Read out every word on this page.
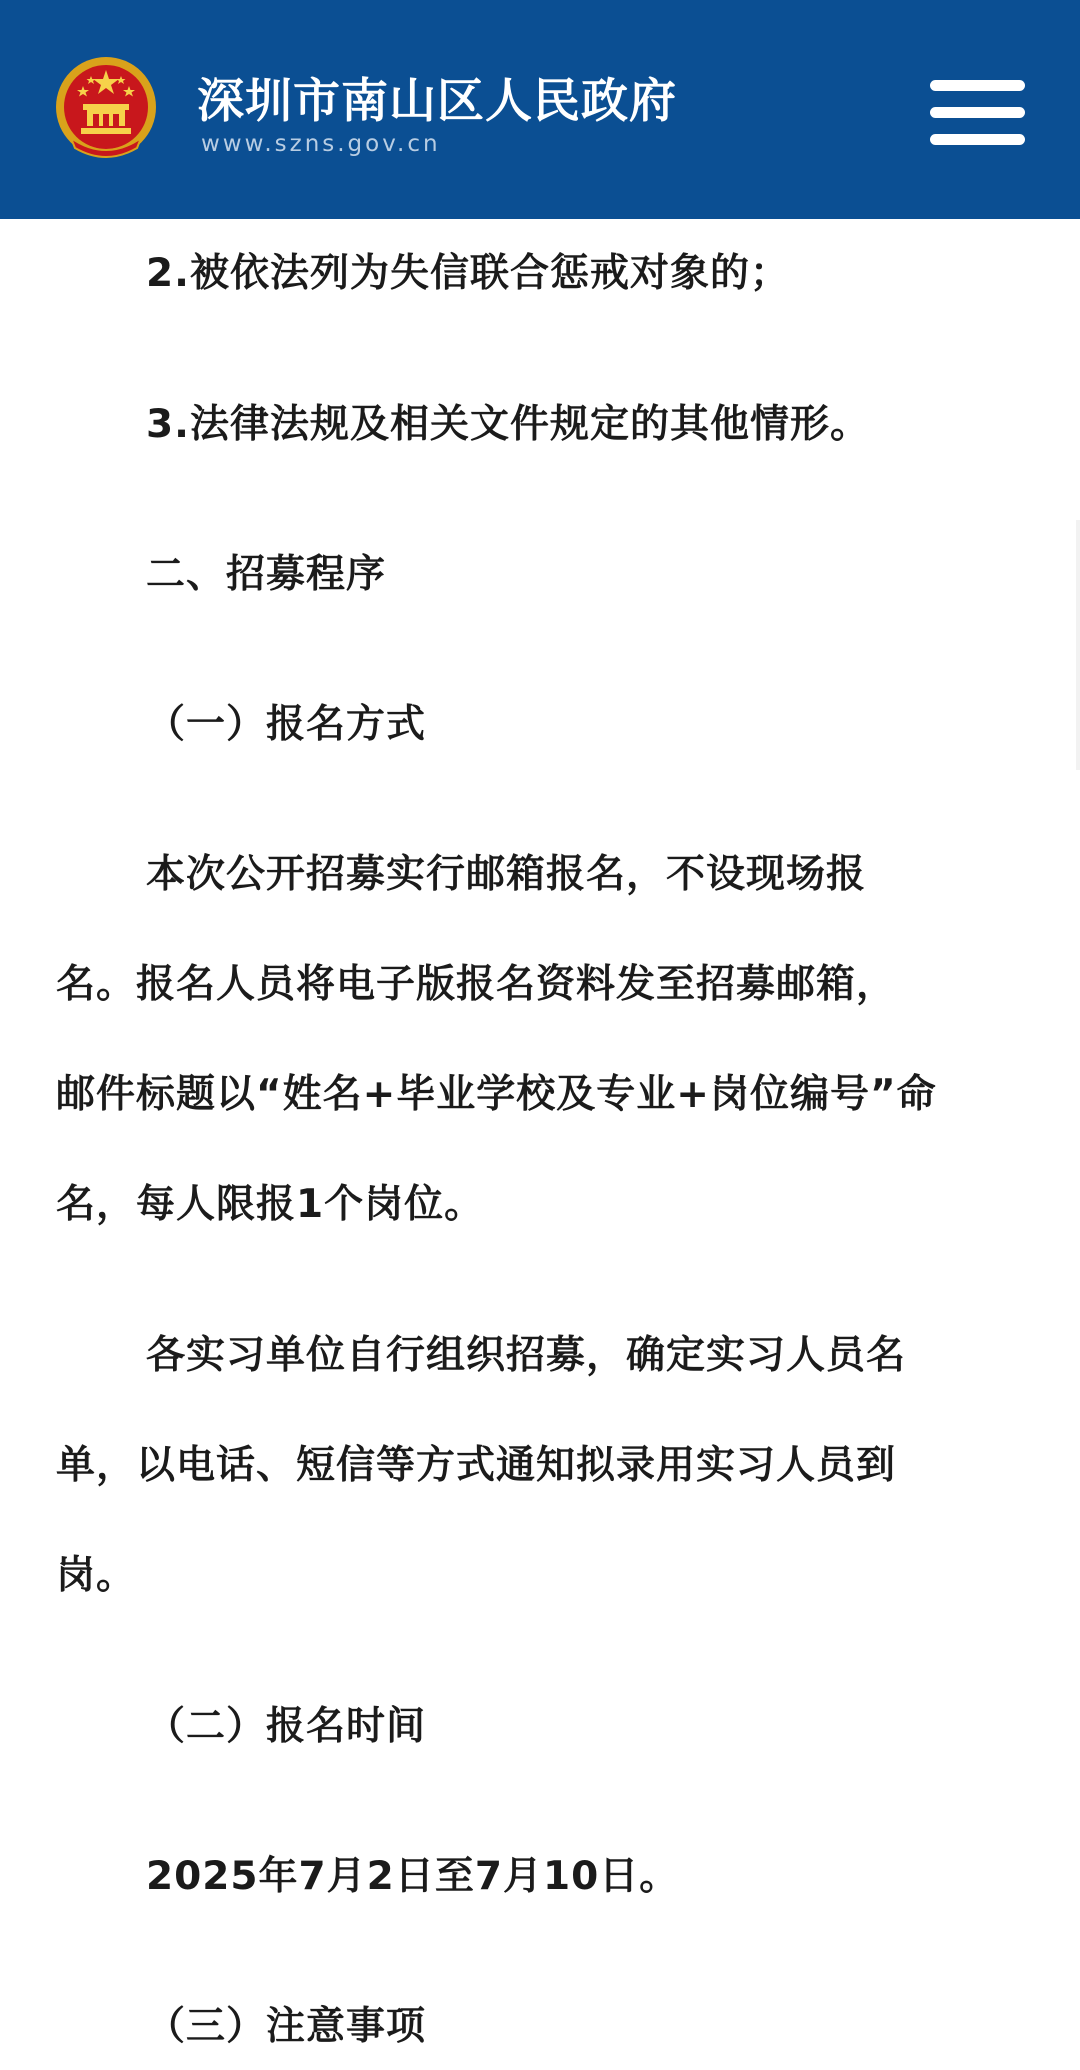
深圳市南山区人民政府
www.szns.gov.cn
2.被依法列为失信联合惩戒对象的；
3.法律法规及相关文件规定的其他情形。
二、招募程序
（一）报名方式
本次公开招募实行邮箱报名，不设现场报
名。报名人员将电子版报名资料发至招募邮箱，
邮件标题以“姓名+毕业学校及专业+岗位编号”命
名，每人限报1个岗位。
各实习单位自行组织招募，确定实习人员名
单，以电话、短信等方式通知拟录用实习人员到
岗。
（二）报名时间
2025年7月2日至7月10日。
（三）注意事项
